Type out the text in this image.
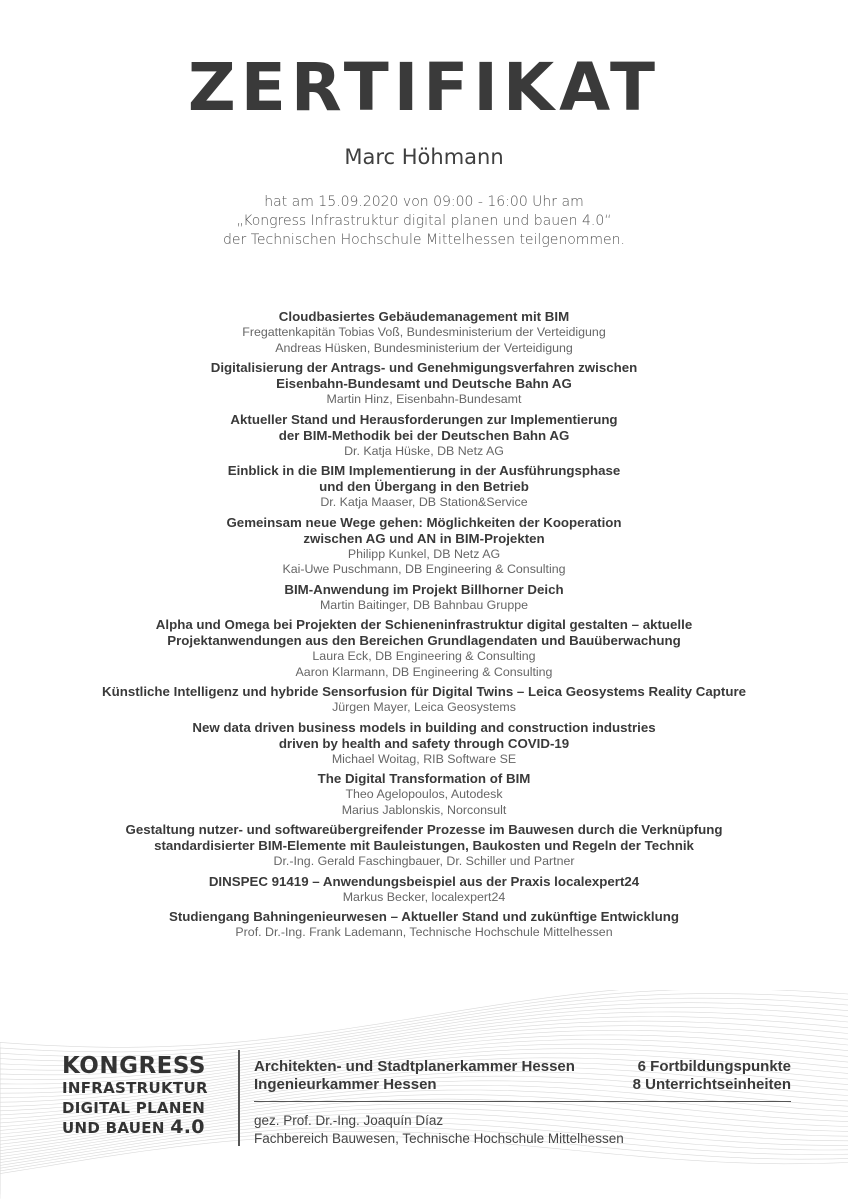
ZERTIFIKAT
Marc Höhmann
hat am 15.09.2020 von 09:00 - 16:00 Uhr am
„Kongress Infrastruktur digital planen und bauen 4.0“
der Technischen Hochschule Mittelhessen teilgenommen.
Cloudbasiertes Gebäudemanagement mit BIM
Fregattenkapitän Tobias Voß, Bundesministerium der Verteidigung
Andreas Hüsken, Bundesministerium der Verteidigung
Digitalisierung der Antrags- und Genehmigungsverfahren zwischen
Eisenbahn-Bundesamt und Deutsche Bahn AG
Martin Hinz, Eisenbahn-Bundesamt
Aktueller Stand und Herausforderungen zur Implementierung
der BIM-Methodik bei der Deutschen Bahn AG
Dr. Katja Hüske, DB Netz AG
Einblick in die BIM Implementierung in der Ausführungsphase
und den Übergang in den Betrieb
Dr. Katja Maaser, DB Station&Service
Gemeinsam neue Wege gehen: Möglichkeiten der Kooperation
zwischen AG und AN in BIM-Projekten
Philipp Kunkel, DB Netz AG
Kai-Uwe Puschmann, DB Engineering & Consulting
BIM-Anwendung im Projekt Billhorner Deich
Martin Baitinger, DB Bahnbau Gruppe
Alpha und Omega bei Projekten der Schieneninfrastruktur digital gestalten – aktuelle
Projektanwendungen aus den Bereichen Grundlagendaten und Bauüberwachung
Laura Eck, DB Engineering & Consulting
Aaron Klarmann, DB Engineering & Consulting
Künstliche Intelligenz und hybride Sensorfusion für Digital Twins – Leica Geosystems Reality Capture
Jürgen Mayer, Leica Geosystems
New data driven business models in building and construction industries
driven by health and safety through COVID-19
Michael Woitag, RIB Software SE
The Digital Transformation of BIM
Theo Agelopoulos, Autodesk
Marius Jablonskis, Norconsult
Gestaltung nutzer- und softwareübergreifender Prozesse im Bauwesen durch die Verknüpfung
standardisierter BIM-Elemente mit Bauleistungen, Baukosten und Regeln der Technik
Dr.-Ing. Gerald Faschingbauer, Dr. Schiller und Partner
DINSPEC 91419 – Anwendungsbeispiel aus der Praxis localexpert24
Markus Becker, localexpert24
Studiengang Bahningenieurwesen – Aktueller Stand und zukünftige Entwicklung
Prof. Dr.-Ing. Frank Lademann, Technische Hochschule Mittelhessen
KONGRESS
INFRASTRUKTUR
DIGITAL PLANEN
UND BAUEN 4.0
Architekten- und Stadtplanerkammer Hessen
Ingenieurkammer Hessen
6 Fortbildungspunkte
8 Unterrichtseinheiten
gez. Prof. Dr.-Ing. Joaquín Díaz
Fachbereich Bauwesen, Technische Hochschule Mittelhessen
